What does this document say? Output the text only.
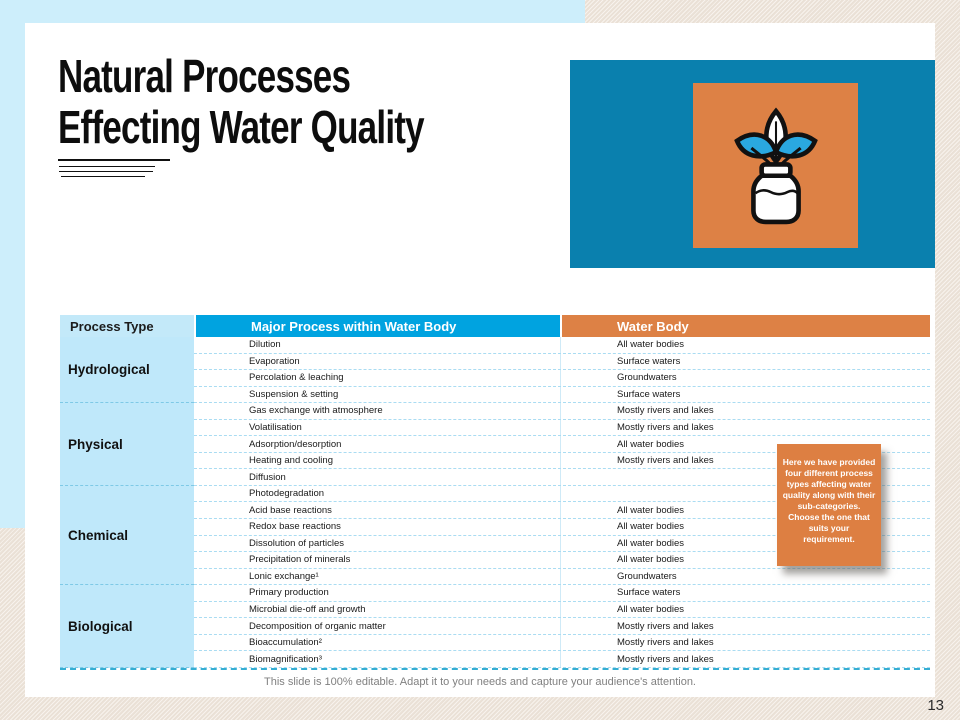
Natural Processes
Effecting Water Quality
Process Type	Major Process within Water Body	Water Body
Hydrological
Dilution	All water bodies
Evaporation	Surface waters
Percolation & leaching	Groundwaters
Suspension & setting	Surface waters
Physical
Gas exchange with atmosphere	Mostly rivers and lakes
Volatilisation	Mostly rivers and lakes
Adsorption/desorption	All water bodies
Heating and cooling	Mostly rivers and lakes
Diffusion
Chemical
Photodegradation
Acid base reactions	All water bodies
Redox base reactions	All water bodies
Dissolution of particles	All water bodies
Precipitation of minerals	All water bodies
Lonic exchange¹	Groundwaters
Biological
Primary production	Surface waters
Microbial die-off and growth	All water bodies
Decomposition of organic matter	Mostly rivers and lakes
Bioaccumulation²	Mostly rivers and lakes
Biomagnification³	Mostly rivers and lakes
Here we have provided four different process types affecting water quality along with their sub-categories. Choose the one that suits your requirement.
This slide is 100% editable. Adapt it to your needs and capture your audience's attention.
13
